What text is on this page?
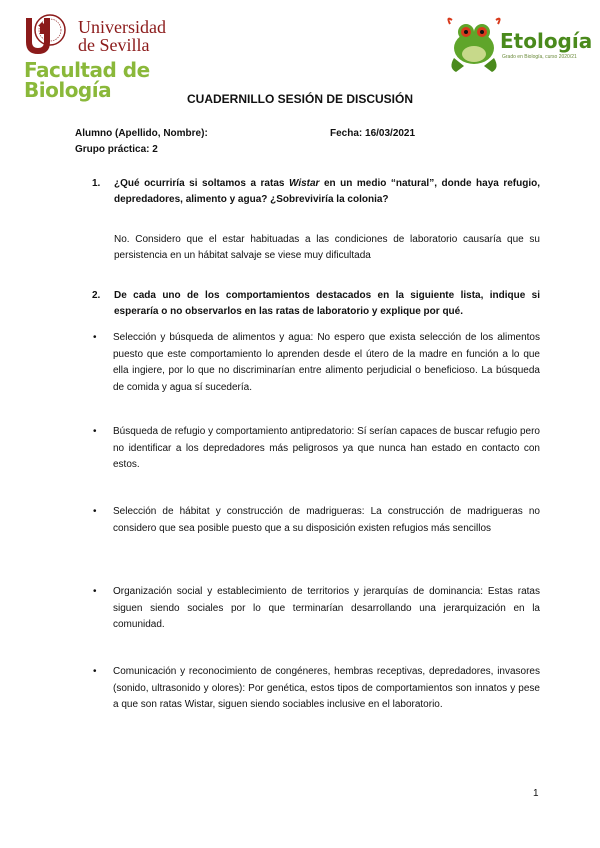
Universidad
de Sevilla
Facultad de
Biología
Etología
Grado en Biología, curso 2020/21
CUADERNILLO SESIÓN DE DISCUSIÓN
Alumno (Apellido, Nombre):	Fecha: 16/03/2021
Grupo práctica: 2
1. ¿Qué ocurriría si soltamos a ratas Wistar en un medio “natural”, donde haya refugio, depredadores, alimento y agua? ¿Sobreviviría la colonia?
No. Considero que el estar habituadas a las condiciones de laboratorio causaría que su persistencia en un hábitat salvaje se viese muy dificultada
2. De cada uno de los comportamientos destacados en la siguiente lista, indique si esperaría o no observarlos en las ratas de laboratorio y explique por qué.
• Selección y búsqueda de alimentos y agua: No espero que exista selección de los alimentos puesto que este comportamiento lo aprenden desde el útero de la madre en función a lo que ella ingiere, por lo que no discriminarían entre alimento perjudicial o beneficioso. La búsqueda de comida y agua sí sucedería.
• Búsqueda de refugio y comportamiento antipredatorio: Sí serían capaces de buscar refugio pero no identificar a los depredadores más peligrosos ya que nunca han estado en contacto con estos.
• Selección de hábitat y construcción de madrigueras: La construcción de madrigueras no considero que sea posible puesto que a su disposición existen refugios más sencillos
• Organización social y establecimiento de territorios y jerarquías de dominancia: Estas ratas siguen siendo sociales por lo que terminarían desarrollando una jerarquización en la comunidad.
• Comunicación y reconocimiento de congéneres, hembras receptivas, depredadores, invasores (sonido, ultrasonido y olores): Por genética, estos tipos de comportamientos son innatos y pese a que son ratas Wistar, siguen siendo sociables inclusive en el laboratorio.
1
